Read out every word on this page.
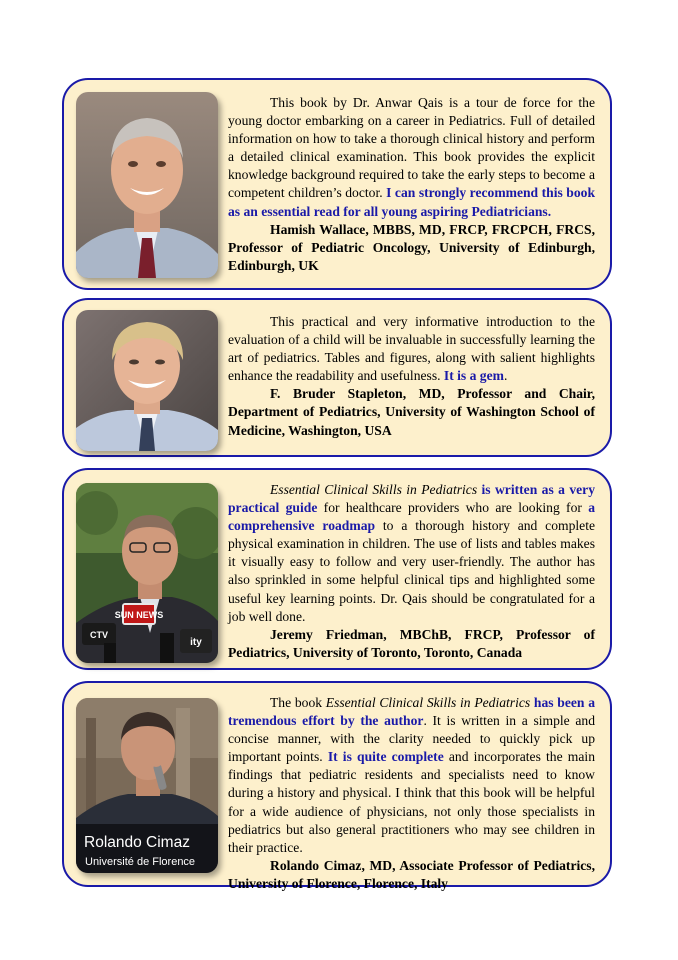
This book by Dr. Anwar Qais is a tour de force for the young doctor embarking on a career in Pediatrics. Full of detailed information on how to take a thorough clinical history and perform a detailed clinical examination. This book provides the explicit knowledge background required to take the early steps to become a competent children’s doctor. I can strongly recommend this book as an essential read for all young aspiring Pediatricians.

Hamish Wallace, MBBS, MD, FRCP, FRCPCH, FRCS, Professor of Pediatric Oncology, University of Edinburgh, Edinburgh, UK

This practical and very informative introduction to the evaluation of a child will be invaluable in successfully learning the art of pediatrics. Tables and figures, along with salient highlights enhance the readability and usefulness. It is a gem.

F. Bruder Stapleton, MD, Professor and Chair, Department of Pediatrics, University of Washington School of Medicine, Washington, USA

SUN NEWS
CTV
ity

Essential Clinical Skills in Pediatrics is written as a very practical guide for healthcare providers who are looking for a comprehensive roadmap to a thorough history and complete physical examination in children. The use of lists and tables makes it visually easy to follow and very user-friendly. The author has also sprinkled in some helpful clinical tips and highlighted some useful key learning points. Dr. Qais should be congratulated for a job well done.

Jeremy Friedman, MBChB, FRCP, Professor of Pediatrics, University of Toronto, Toronto, Canada

Rolando Cimaz
Université de Florence

The book Essential Clinical Skills in Pediatrics has been a tremendous effort by the author. It is written in a simple and concise manner, with the clarity needed to quickly pick up important points. It is quite complete and incorporates the main findings that pediatric residents and specialists need to know during a history and physical. I think that this book will be helpful for a wide audience of physicians, not only those specialists in pediatrics but also general practitioners who may see children in their practice.

Rolando Cimaz, MD, Associate Professor of Pediatrics, University of Florence, Florence, Italy
